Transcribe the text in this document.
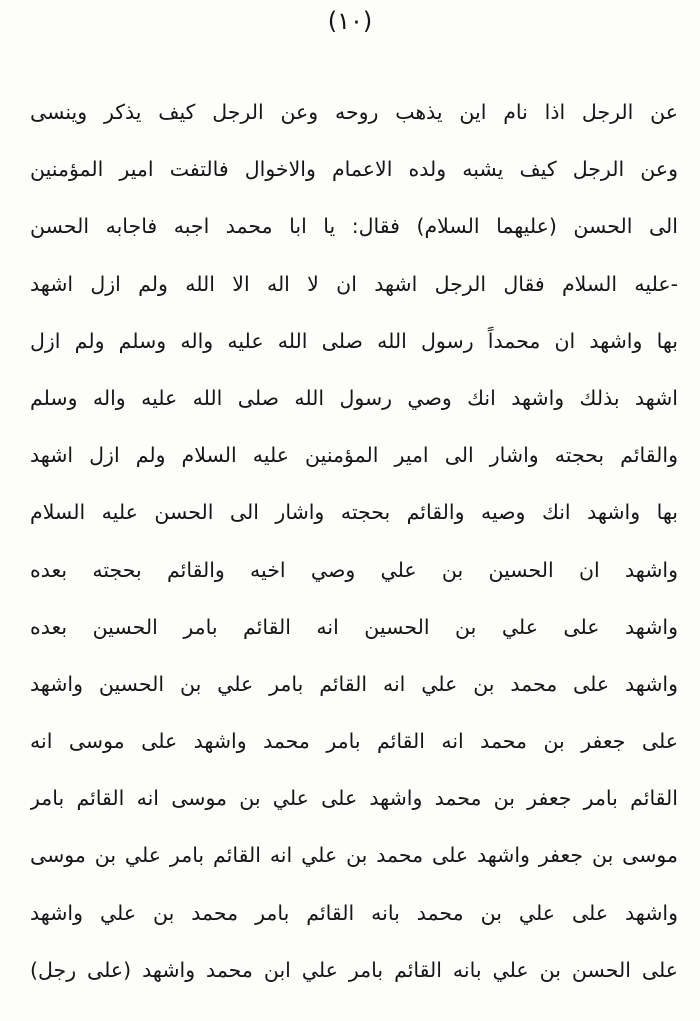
(١٠)
عن الرجل اذا نام اين يذهب روحه وعن الرجل كيف يذكر وينسى
وعن الرجل كيف يشبه ولده الاعمام والاخوال فالتفت امير المؤمنين
الى الحسن (عليهما السلام) فقال: يا ابا محمد اجبه فاجابه الحسن
-عليه السلام فقال الرجل اشهد ان لا اله الا الله ولم ازل اشهد
بها واشهد ان محمداً رسول الله صلى الله عليه واله وسلم ولم ازل
اشهد بذلك واشهد انك وصي رسول الله صلى الله عليه واله وسلم
والقائم بحجته واشار الى امير المؤمنين عليه السلام ولم ازل اشهد
بها واشهد انك وصيه والقائم بحجته واشار الى الحسن عليه السلام
واشهد ان الحسين بن علي وصي اخيه والقائم بحجته بعده
واشهد على علي بن الحسين انه القائم بامر الحسين بعده
واشهد على محمد بن علي انه القائم بامر علي بن الحسين واشهد
على جعفر بن محمد انه القائم بامر محمد واشهد على موسى انه
القائم بامر جعفر بن محمد واشهد على علي بن موسى انه القائم بامر
موسى بن جعفر واشهد على محمد بن علي انه القائم بامر علي بن موسى
واشهد على علي بن محمد بانه القائم بامر محمد بن علي واشهد
على الحسن بن علي بانه القائم بامر علي ابن محمد واشهد (على رجل)
